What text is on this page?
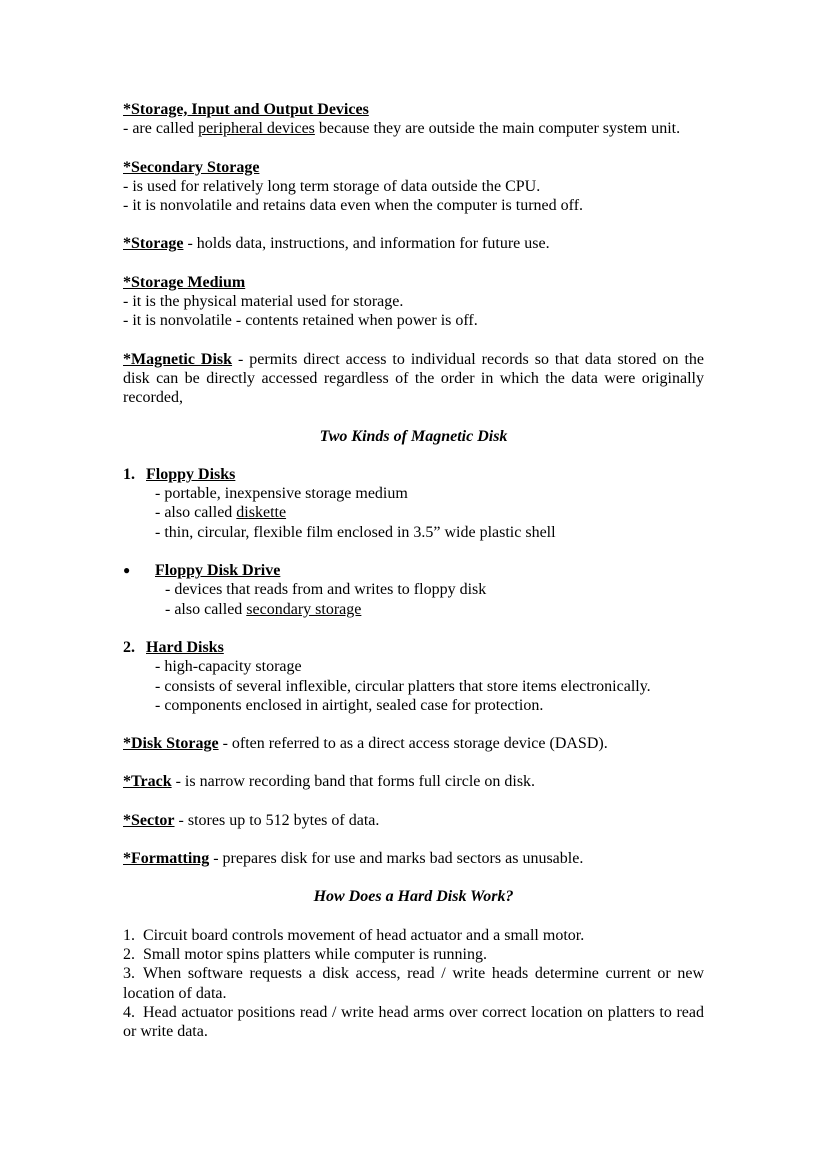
*Storage, Input and Output Devices

- are called peripheral devices because they are outside the main computer system unit.

*Secondary Storage

- is used for relatively long term storage of data outside the CPU.

- it is nonvolatile and retains data even when the computer is turned off.

*Storage - holds data, instructions, and information for future use.

*Storage Medium

- it is the physical material used for storage.

- it is nonvolatile - contents retained when power is off.

*Magnetic Disk - permits direct access to individual records so that data stored on the disk can be directly accessed regardless of the order in which the data were originally recorded,

Two Kinds of Magnetic Disk

1. Floppy Disks

- portable, inexpensive storage medium

- also called diskette

- thin, circular, flexible film enclosed in 3.5” wide plastic shell

● Floppy Disk Drive

- devices that reads from and writes to floppy disk

- also called secondary storage

2. Hard Disks

- high-capacity storage

- consists of several inflexible, circular platters that store items electronically.

- components enclosed in airtight, sealed case for protection.

*Disk Storage - often referred to as a direct access storage device (DASD).

*Track - is narrow recording band that forms full circle on disk.

*Sector - stores up to 512 bytes of data.

*Formatting - prepares disk for use and marks bad sectors as unusable.

How Does a Hard Disk Work?

1. Circuit board controls movement of head actuator and a small motor.

2. Small motor spins platters while computer is running.

3. When software requests a disk access, read / write heads determine current or new location of data.

4. Head actuator positions read / write head arms over correct location on platters to read or write data.
